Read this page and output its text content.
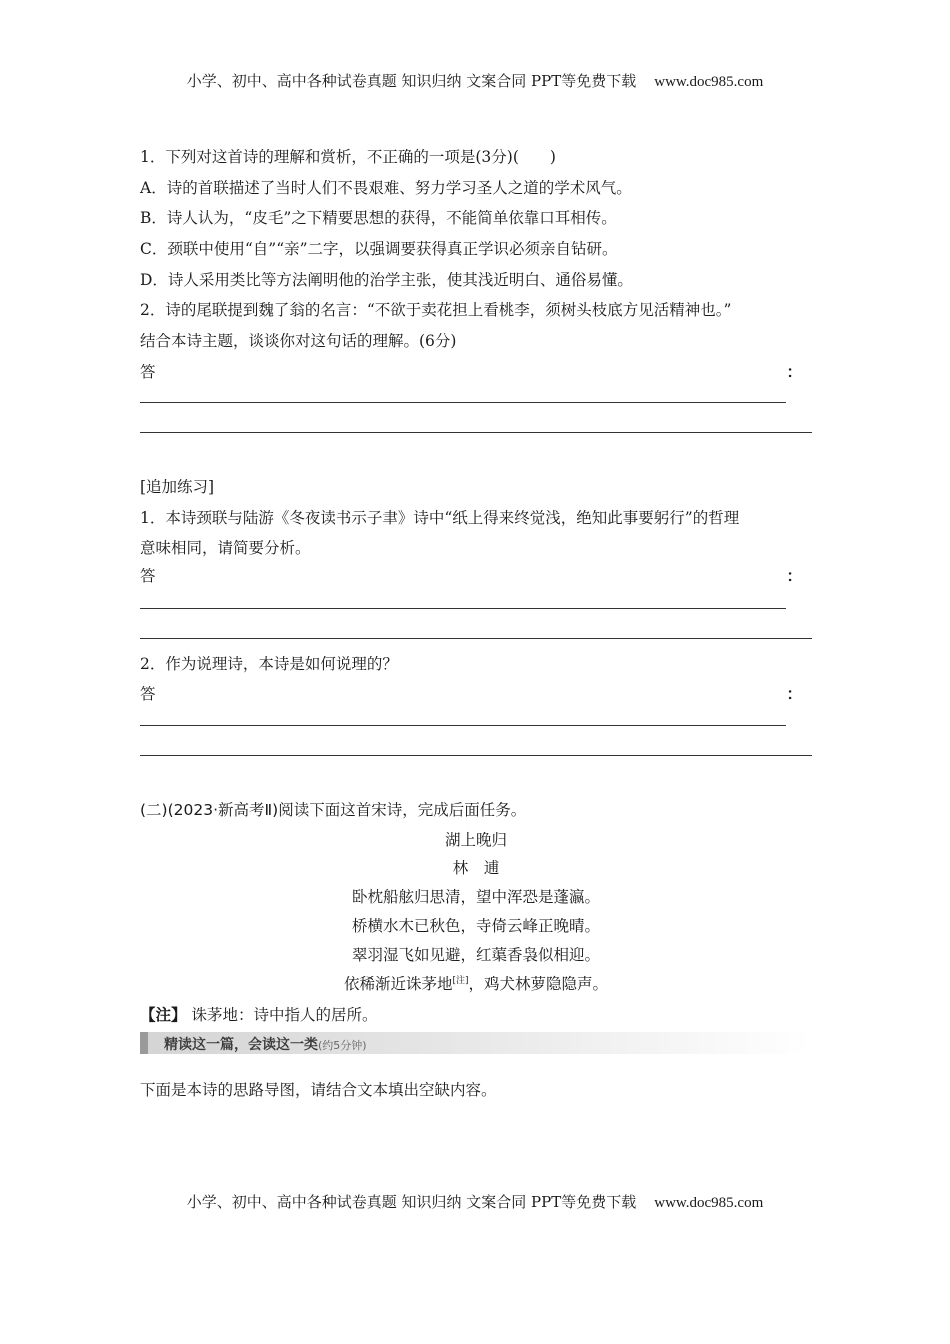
小学、初中、高中各种试卷真题 知识归纳 文案合同 PPT等免费下载 www.doc985.com
1．下列对这首诗的理解和赏析，不正确的一项是(3分)(　　)
A．诗的首联描述了当时人们不畏艰难、努力学习圣人之道的学术风气。
B．诗人认为，“皮毛”之下精要思想的获得，不能简单依靠口耳相传。
C．颈联中使用“自”“亲”二字，以强调要获得真正学识必须亲自钻研。
D．诗人采用类比等方法阐明他的治学主张，使其浅近明白、通俗易懂。
2．诗的尾联提到魏了翁的名言：“不欲于卖花担上看桃李，须树头枝底方见活精神也。”
结合本诗主题，谈谈你对这句话的理解。(6分)
答	：
[追加练习]
1．本诗颈联与陆游《冬夜读书示子聿》诗中“纸上得来终觉浅，绝知此事要躬行”的哲理
意味相同，请简要分析。
答	：
2．作为说理诗，本诗是如何说理的？
答	：
(二)(2023·新高考Ⅱ)阅读下面这首宋诗，完成后面任务。
湖上晚归
林　逋
卧枕船舷归思清，望中浑恐是蓬瀛。
桥横水木已秋色，寺倚云峰正晚晴。
翠羽湿飞如见避，红蕖香袅似相迎。
依稀渐近诛茅地[注]，鸡犬林萝隐隐声。
【注】 诛茅地：诗中指人的居所。
精读这一篇，会读这一类(约5分钟)
下面是本诗的思路导图，请结合文本填出空缺内容。
小学、初中、高中各种试卷真题 知识归纳 文案合同 PPT等免费下载 www.doc985.com
